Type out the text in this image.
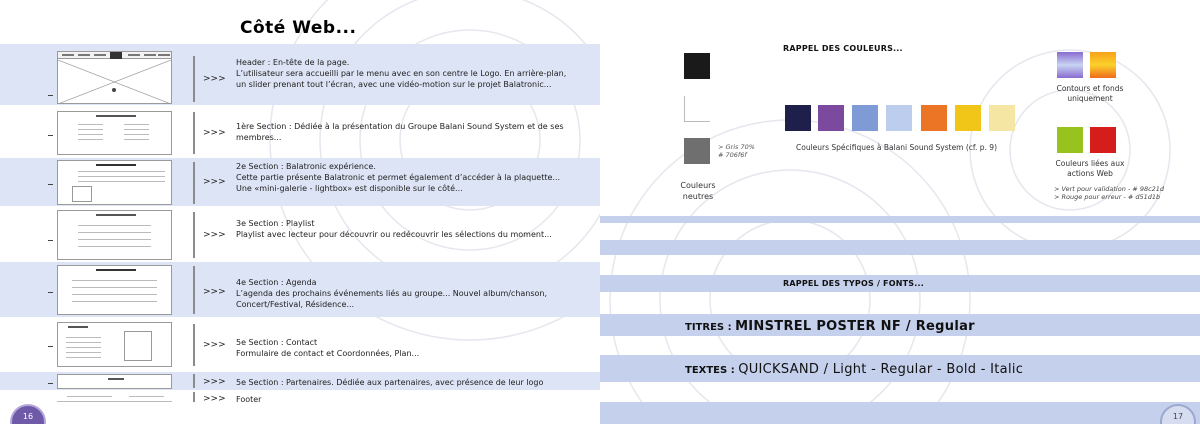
Côté Web...
>>>
>>>
>>>
>>>
>>>
>>>
>>>
>>>

Header : En-tête de la page.

L’utilisateur sera accueilli par le menu avec en son centre le Logo. En arrière-plan,

un slider prenant tout l’écran, avec une vidéo-motion sur le projet Balatronic...

1ère Section : Dédiée à la présentation du Groupe Balani Sound System et de ses

membres...

2e Section : Balatronic expérience.

Cette partie présente Balatronic et permet également d’accéder à la plaquette...

Une «mini-galerie - lightbox» est disponible sur le côté...

3e Section : Playlist

Playlist avec lecteur pour découvrir ou redécouvrir les sélections du moment...

4e Section : Agenda

L’agenda des prochains événements liés au groupe... Nouvel album/chanson,

Concert/Festival, Résidence...

5e Section : Contact

Formulaire de contact et Coordonnées, Plan...

5e Section : Partenaires. Dédiée aux partenaires, avec présence de leur logo

Footer

16
RAPPEL DES COULEURS...
> Gris 70%
# 706f6f
Couleurs
neutres
Couleurs Spécifiques à Balani Sound System (cf. p. 9)
Contours et fonds
uniquement
Couleurs liées aux
actions Web
> Vert pour validation - # 98c21d
> Rouge pour erreur - # d51d1b
RAPPEL DES TYPOS / FONTS...
TITRES : MINSTREL POSTER NF / Regular
TEXTES : QUICKSAND / Light - Regular - Bold - Italic
17
